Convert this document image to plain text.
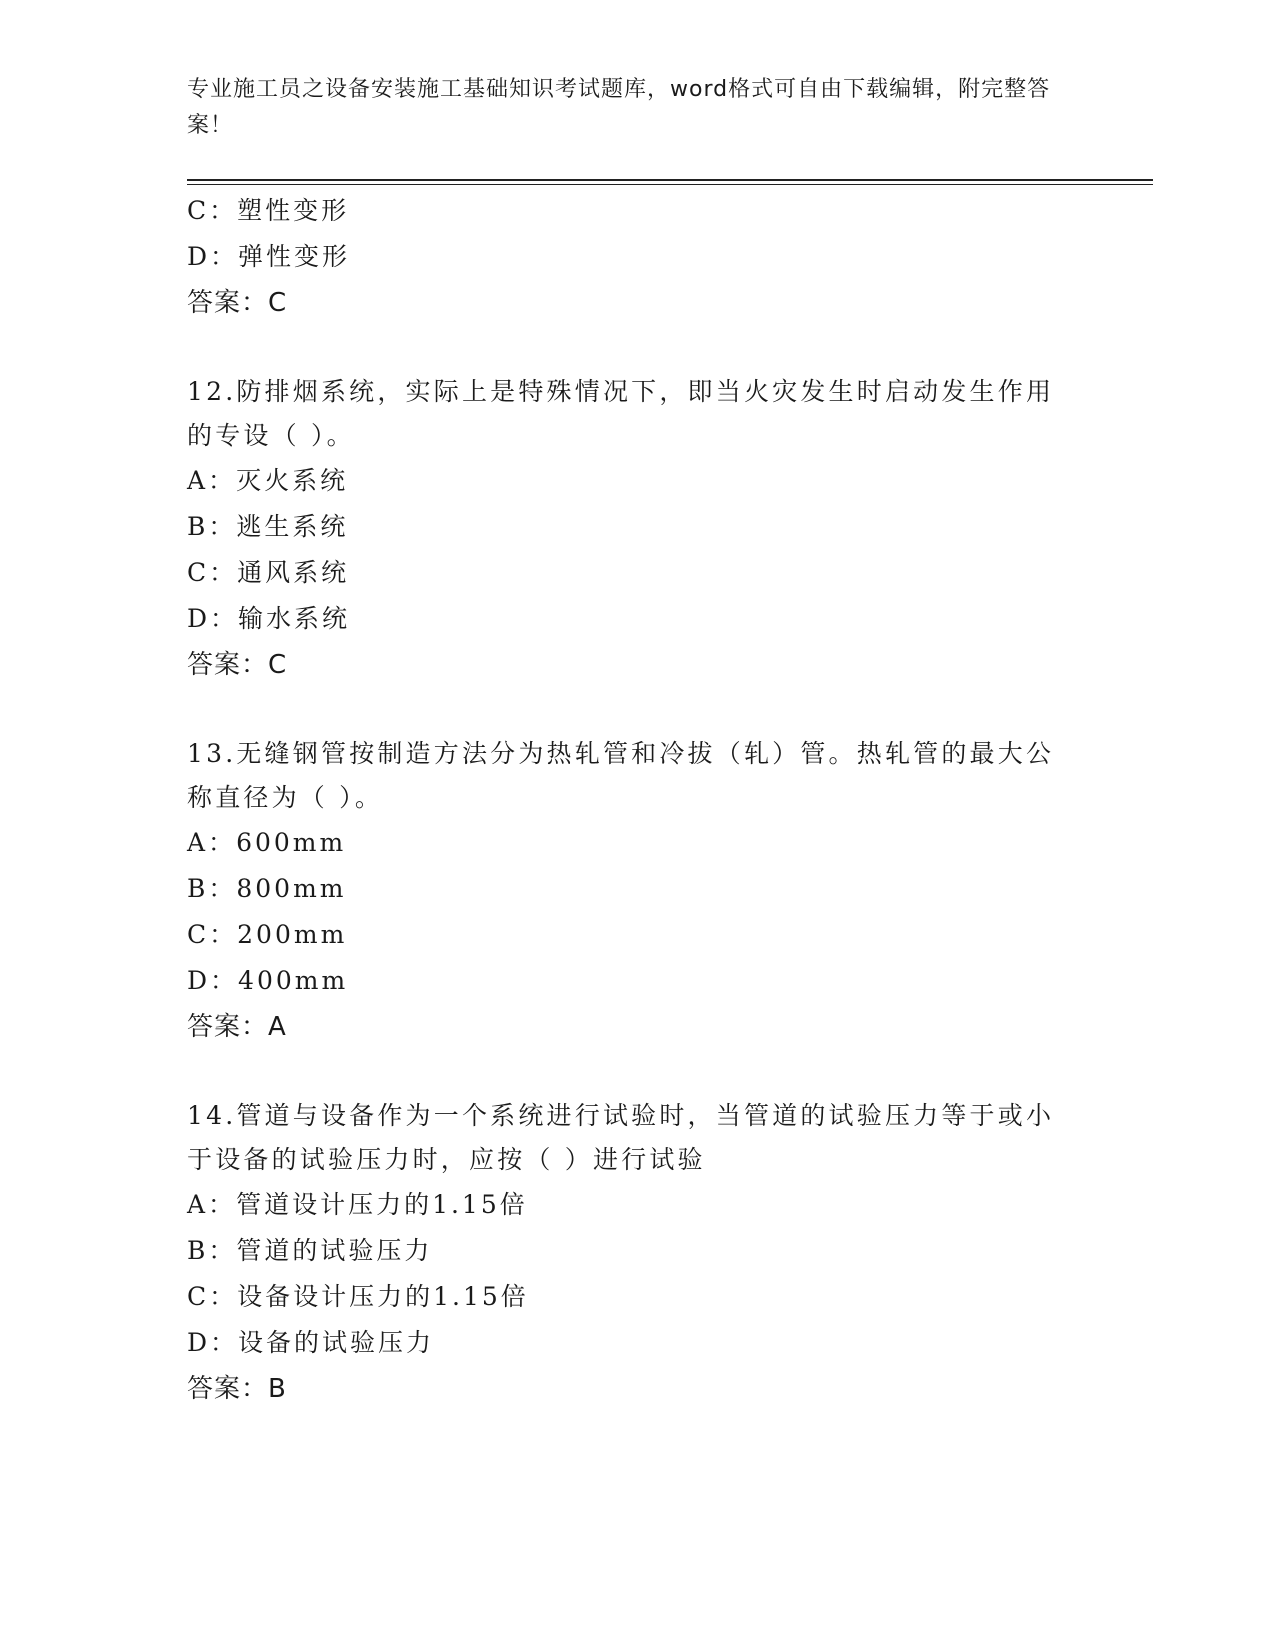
专业施工员之设备安装施工基础知识考试题库，word格式可自由下载编辑，附完整答案！
C：塑性变形
D：弹性变形
答案：C
12.防排烟系统，实际上是特殊情况下，即当火灾发生时启动发生作用的专设（ ）。
A：灭火系统
B：逃生系统
C：通风系统
D：输水系统
答案：C
13.无缝钢管按制造方法分为热轧管和冷拔（轧）管。热轧管的最大公称直径为（ ）。
A：600mm
B：800mm
C：200mm
D：400mm
答案：A
14.管道与设备作为一个系统进行试验时，当管道的试验压力等于或小于设备的试验压力时，应按（ ）进行试验
A：管道设计压力的1.15倍
B：管道的试验压力
C：设备设计压力的1.15倍
D：设备的试验压力
答案：B
